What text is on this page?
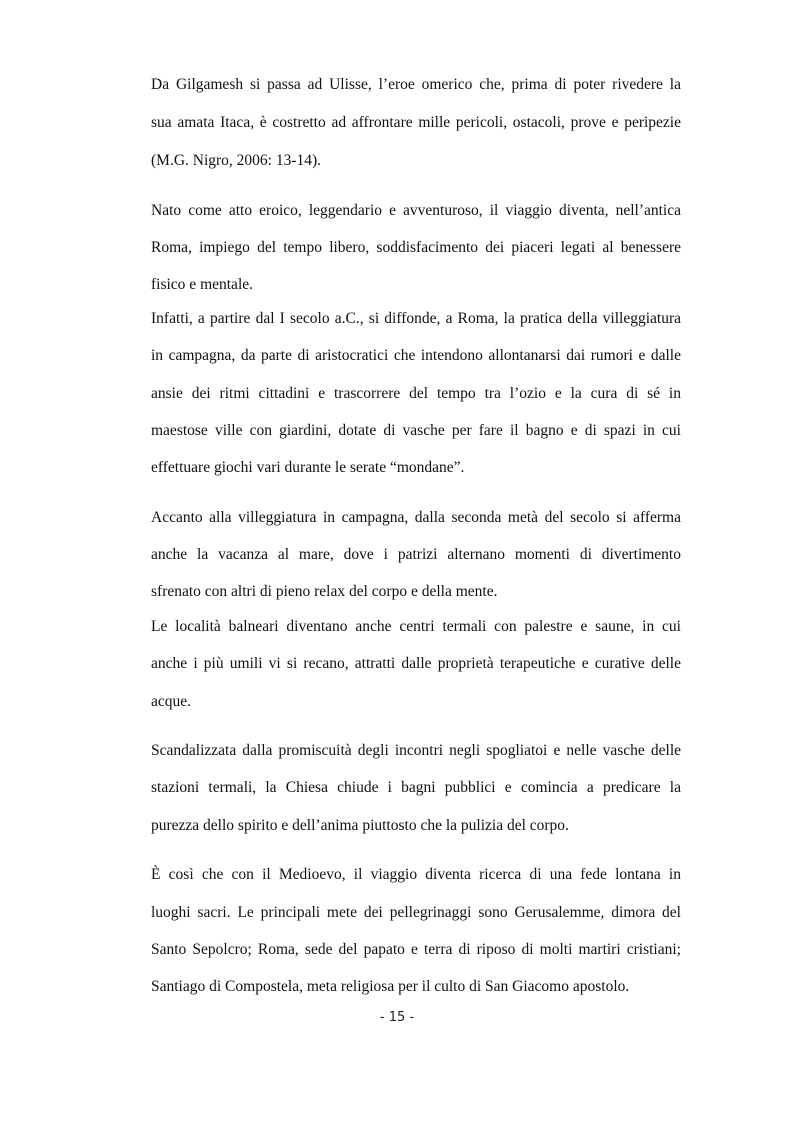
Da Gilgamesh si passa ad Ulisse, l’eroe omerico che, prima di poter rivedere la
sua amata Itaca, è costretto ad affrontare mille pericoli, ostacoli, prove e peripezie
(M.G. Nigro, 2006: 13-14).
Nato come atto eroico, leggendario e avventuroso, il viaggio diventa, nell’antica
Roma, impiego del tempo libero, soddisfacimento dei piaceri legati al benessere
fisico e mentale.
Infatti, a partire dal I secolo a.C., si diffonde, a Roma, la pratica della villeggiatura
in campagna, da parte di aristocratici che intendono allontanarsi dai rumori e dalle
ansie dei ritmi cittadini e trascorrere del tempo tra l’ozio e la cura di sé in
maestose ville con giardini, dotate di vasche per fare il bagno e di spazi in cui
effettuare giochi vari durante le serate “mondane”.
Accanto alla villeggiatura in campagna, dalla seconda metà del secolo si afferma
anche la vacanza al mare, dove i patrizi alternano momenti di divertimento
sfrenato con altri di pieno relax del corpo e della mente.
Le località balneari diventano anche centri termali con palestre e saune, in cui
anche i più umili vi si recano, attratti dalle proprietà terapeutiche e curative delle
acque.
Scandalizzata dalla promiscuità degli incontri negli spogliatoi e nelle vasche delle
stazioni termali, la Chiesa chiude i bagni pubblici e comincia a predicare la
purezza dello spirito e dell’anima piuttosto che la pulizia del corpo.
È così che con il Medioevo, il viaggio diventa ricerca di una fede lontana in
luoghi sacri. Le principali mete dei pellegrinaggi sono Gerusalemme, dimora del
Santo Sepolcro; Roma, sede del papato e terra di riposo di molti martiri cristiani;
Santiago di Compostela, meta religiosa per il culto di San Giacomo apostolo.
- 15 -
